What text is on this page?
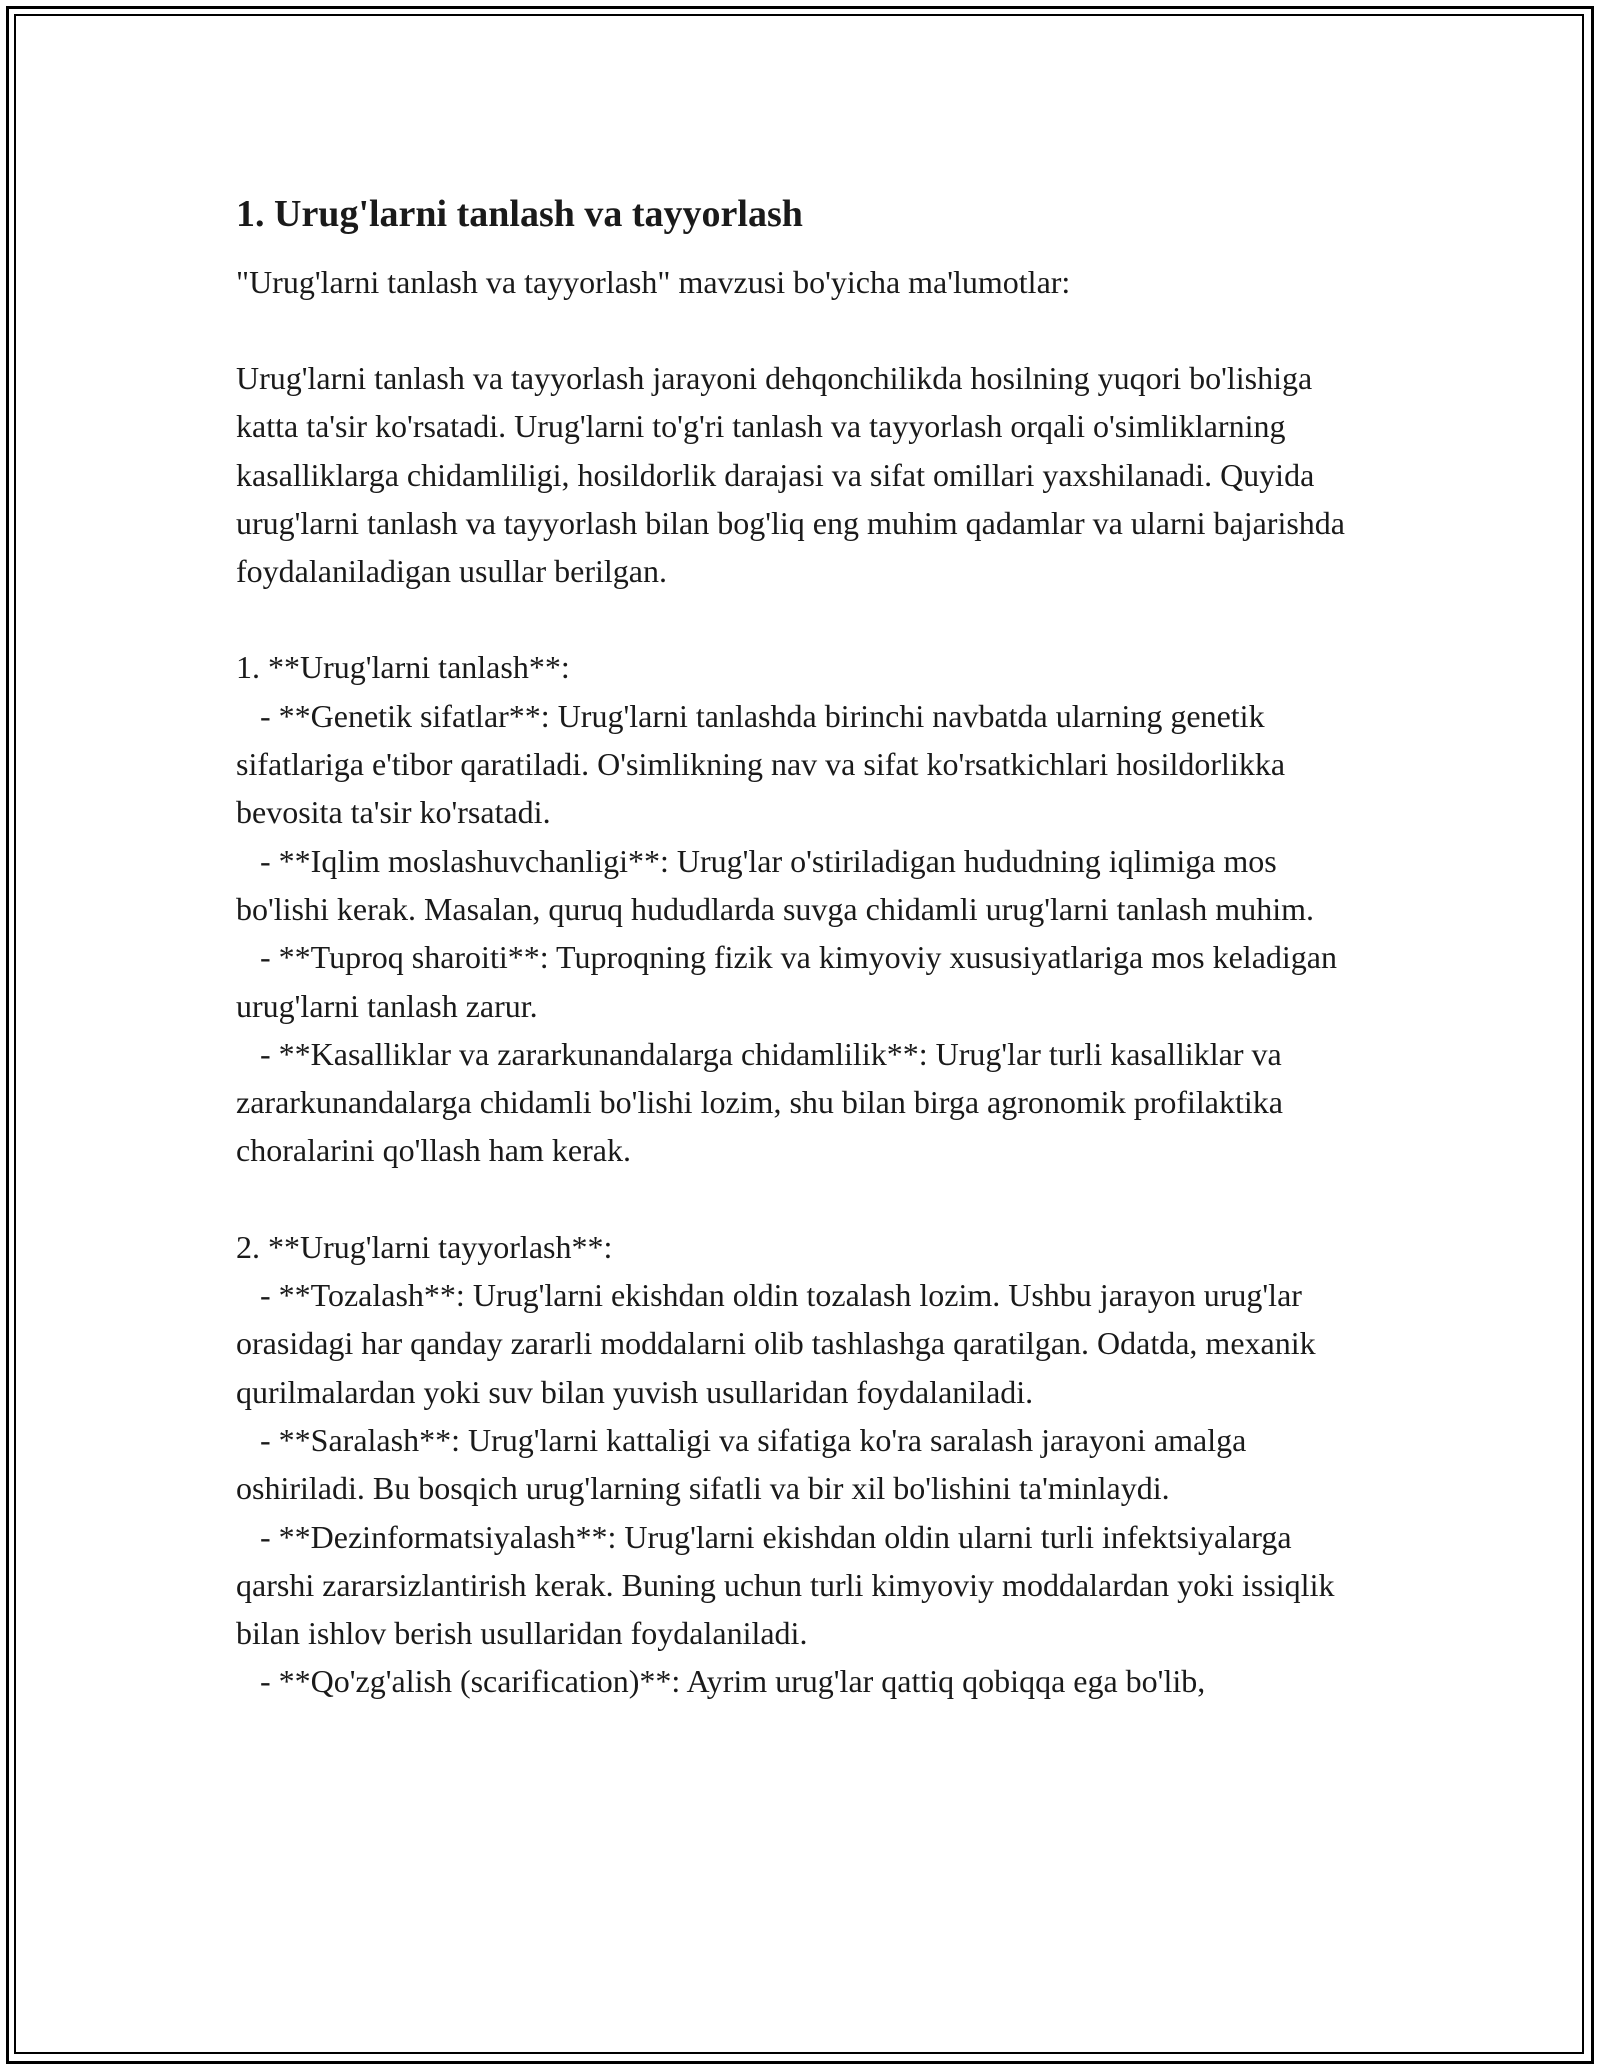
1. Urug'larni tanlash va tayyorlash
"Urug'larni tanlash va tayyorlash" mavzusi bo'yicha ma'lumotlar:
Urug'larni tanlash va tayyorlash jarayoni dehqonchilikda hosilning yuqori bo'lishiga katta ta'sir ko'rsatadi. Urug'larni to'g'ri tanlash va tayyorlash orqali o'simliklarning kasalliklarga chidamliligi, hosildorlik darajasi va sifat omillari yaxshilanadi. Quyida urug'larni tanlash va tayyorlash bilan bog'liq eng muhim qadamlar va ularni bajarishda foydalaniladigan usullar berilgan.
1. **Urug'larni tanlash**:
- **Genetik sifatlar**: Urug'larni tanlashda birinchi navbatda ularning genetik sifatlariga e'tibor qaratiladi. O'simlikning nav va sifat ko'rsatkichlari hosildorlikka bevosita ta'sir ko'rsatadi.
- **Iqlim moslashuvchanligi**: Urug'lar o'stiriladigan hududning iqlimiga mos bo'lishi kerak. Masalan, quruq hududlarda suvga chidamli urug'larni tanlash muhim.
- **Tuproq sharoiti**: Tuproqning fizik va kimyoviy xususiyatlariga mos keladigan urug'larni tanlash zarur.
- **Kasalliklar va zararkunandalarga chidamlilik**: Urug'lar turli kasalliklar va zararkunandalarga chidamli bo'lishi lozim, shu bilan birga agronomik profilaktika choralarini qo'llash ham kerak.
2. **Urug'larni tayyorlash**:
- **Tozalash**: Urug'larni ekishdan oldin tozalash lozim. Ushbu jarayon urug'lar orasidagi har qanday zararli moddalarni olib tashlashga qaratilgan. Odatda, mexanik qurilmalardan yoki suv bilan yuvish usullaridan foydalaniladi.
- **Saralash**: Urug'larni kattaligi va sifatiga ko'ra saralash jarayoni amalga oshiriladi. Bu bosqich urug'larning sifatli va bir xil bo'lishini ta'minlaydi.
- **Dezinformatsiyalash**: Urug'larni ekishdan oldin ularni turli infektsiyalarga qarshi zararsizlantirish kerak. Buning uchun turli kimyoviy moddalardan yoki issiqlik bilan ishlov berish usullaridan foydalaniladi.
- **Qo'zg'alish (scarification)**: Ayrim urug'lar qattiq qobiqqa ega bo'lib,
